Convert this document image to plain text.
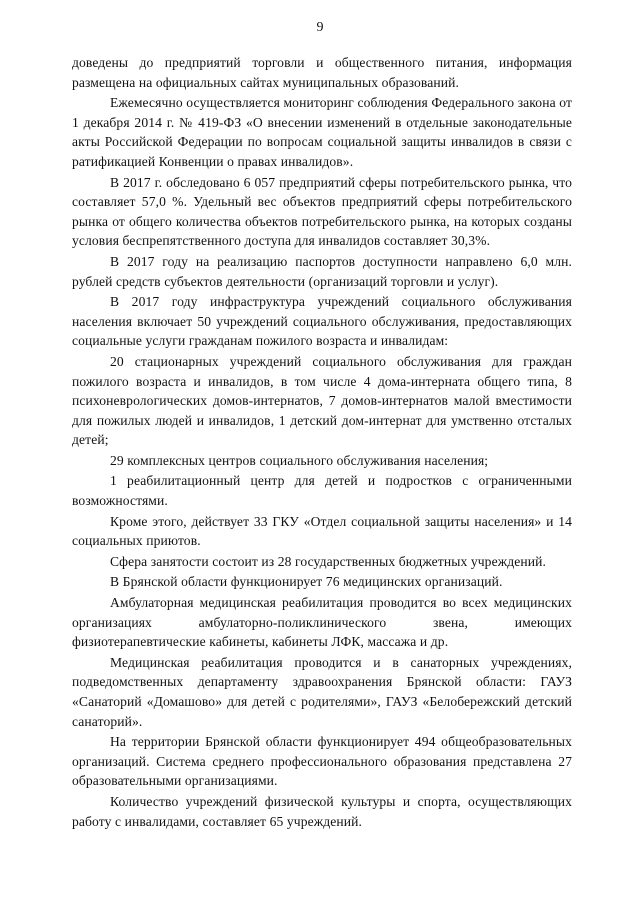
9

доведены до предприятий торговли и общественного питания, информация размещена на официальных сайтах муниципальных образований.

Ежемесячно осуществляется мониторинг соблюдения Федерального закона от 1 декабря 2014 г. № 419-ФЗ «О внесении изменений в отдельные законодательные акты Российской Федерации по вопросам социальной защиты инвалидов в связи с ратификацией Конвенции о правах инвалидов».

В 2017 г. обследовано 6 057 предприятий сферы потребительского рынка, что составляет 57,0 %. Удельный вес объектов предприятий сферы потребительского рынка от общего количества объектов потребительского рынка, на которых созданы условия беспрепятственного доступа для инвалидов составляет 30,3%.

В 2017 году на реализацию паспортов доступности направлено 6,0 млн. рублей средств субъектов деятельности (организаций торговли и услуг).

В 2017 году инфраструктура учреждений социального обслуживания населения включает 50 учреждений социального обслуживания, предоставляющих социальные услуги гражданам пожилого возраста и инвалидам:

20 стационарных учреждений социального обслуживания для граждан пожилого возраста и инвалидов, в том числе 4 дома-интерната общего типа, 8 психоневрологических домов-интернатов, 7 домов-интернатов малой вместимости для пожилых людей и инвалидов, 1 детский дом-интернат для умственно отсталых детей;

29 комплексных центров социального обслуживания населения;

1 реабилитационный центр для детей и подростков с ограниченными возможностями.

Кроме этого, действует 33 ГКУ «Отдел социальной защиты населения» и 14 социальных приютов.

Сфера занятости состоит из 28 государственных бюджетных учреждений.

В Брянской области функционирует 76 медицинских организаций.

Амбулаторная медицинская реабилитация проводится во всех медицинских организациях амбулаторно-поликлинического звена, имеющих физиотерапевтические кабинеты, кабинеты ЛФК, массажа и др.

Медицинская реабилитация проводится и в санаторных учреждениях, подведомственных департаменту здравоохранения Брянской области: ГАУЗ «Санаторий «Домашово» для детей с родителями», ГАУЗ «Белобережский детский санаторий».

На территории Брянской области функционирует 494 общеобразовательных организаций. Система среднего профессионального образования представлена 27 образовательными организациями.

Количество учреждений физической культуры и спорта, осуществляющих работу с инвалидами, составляет 65 учреждений.
